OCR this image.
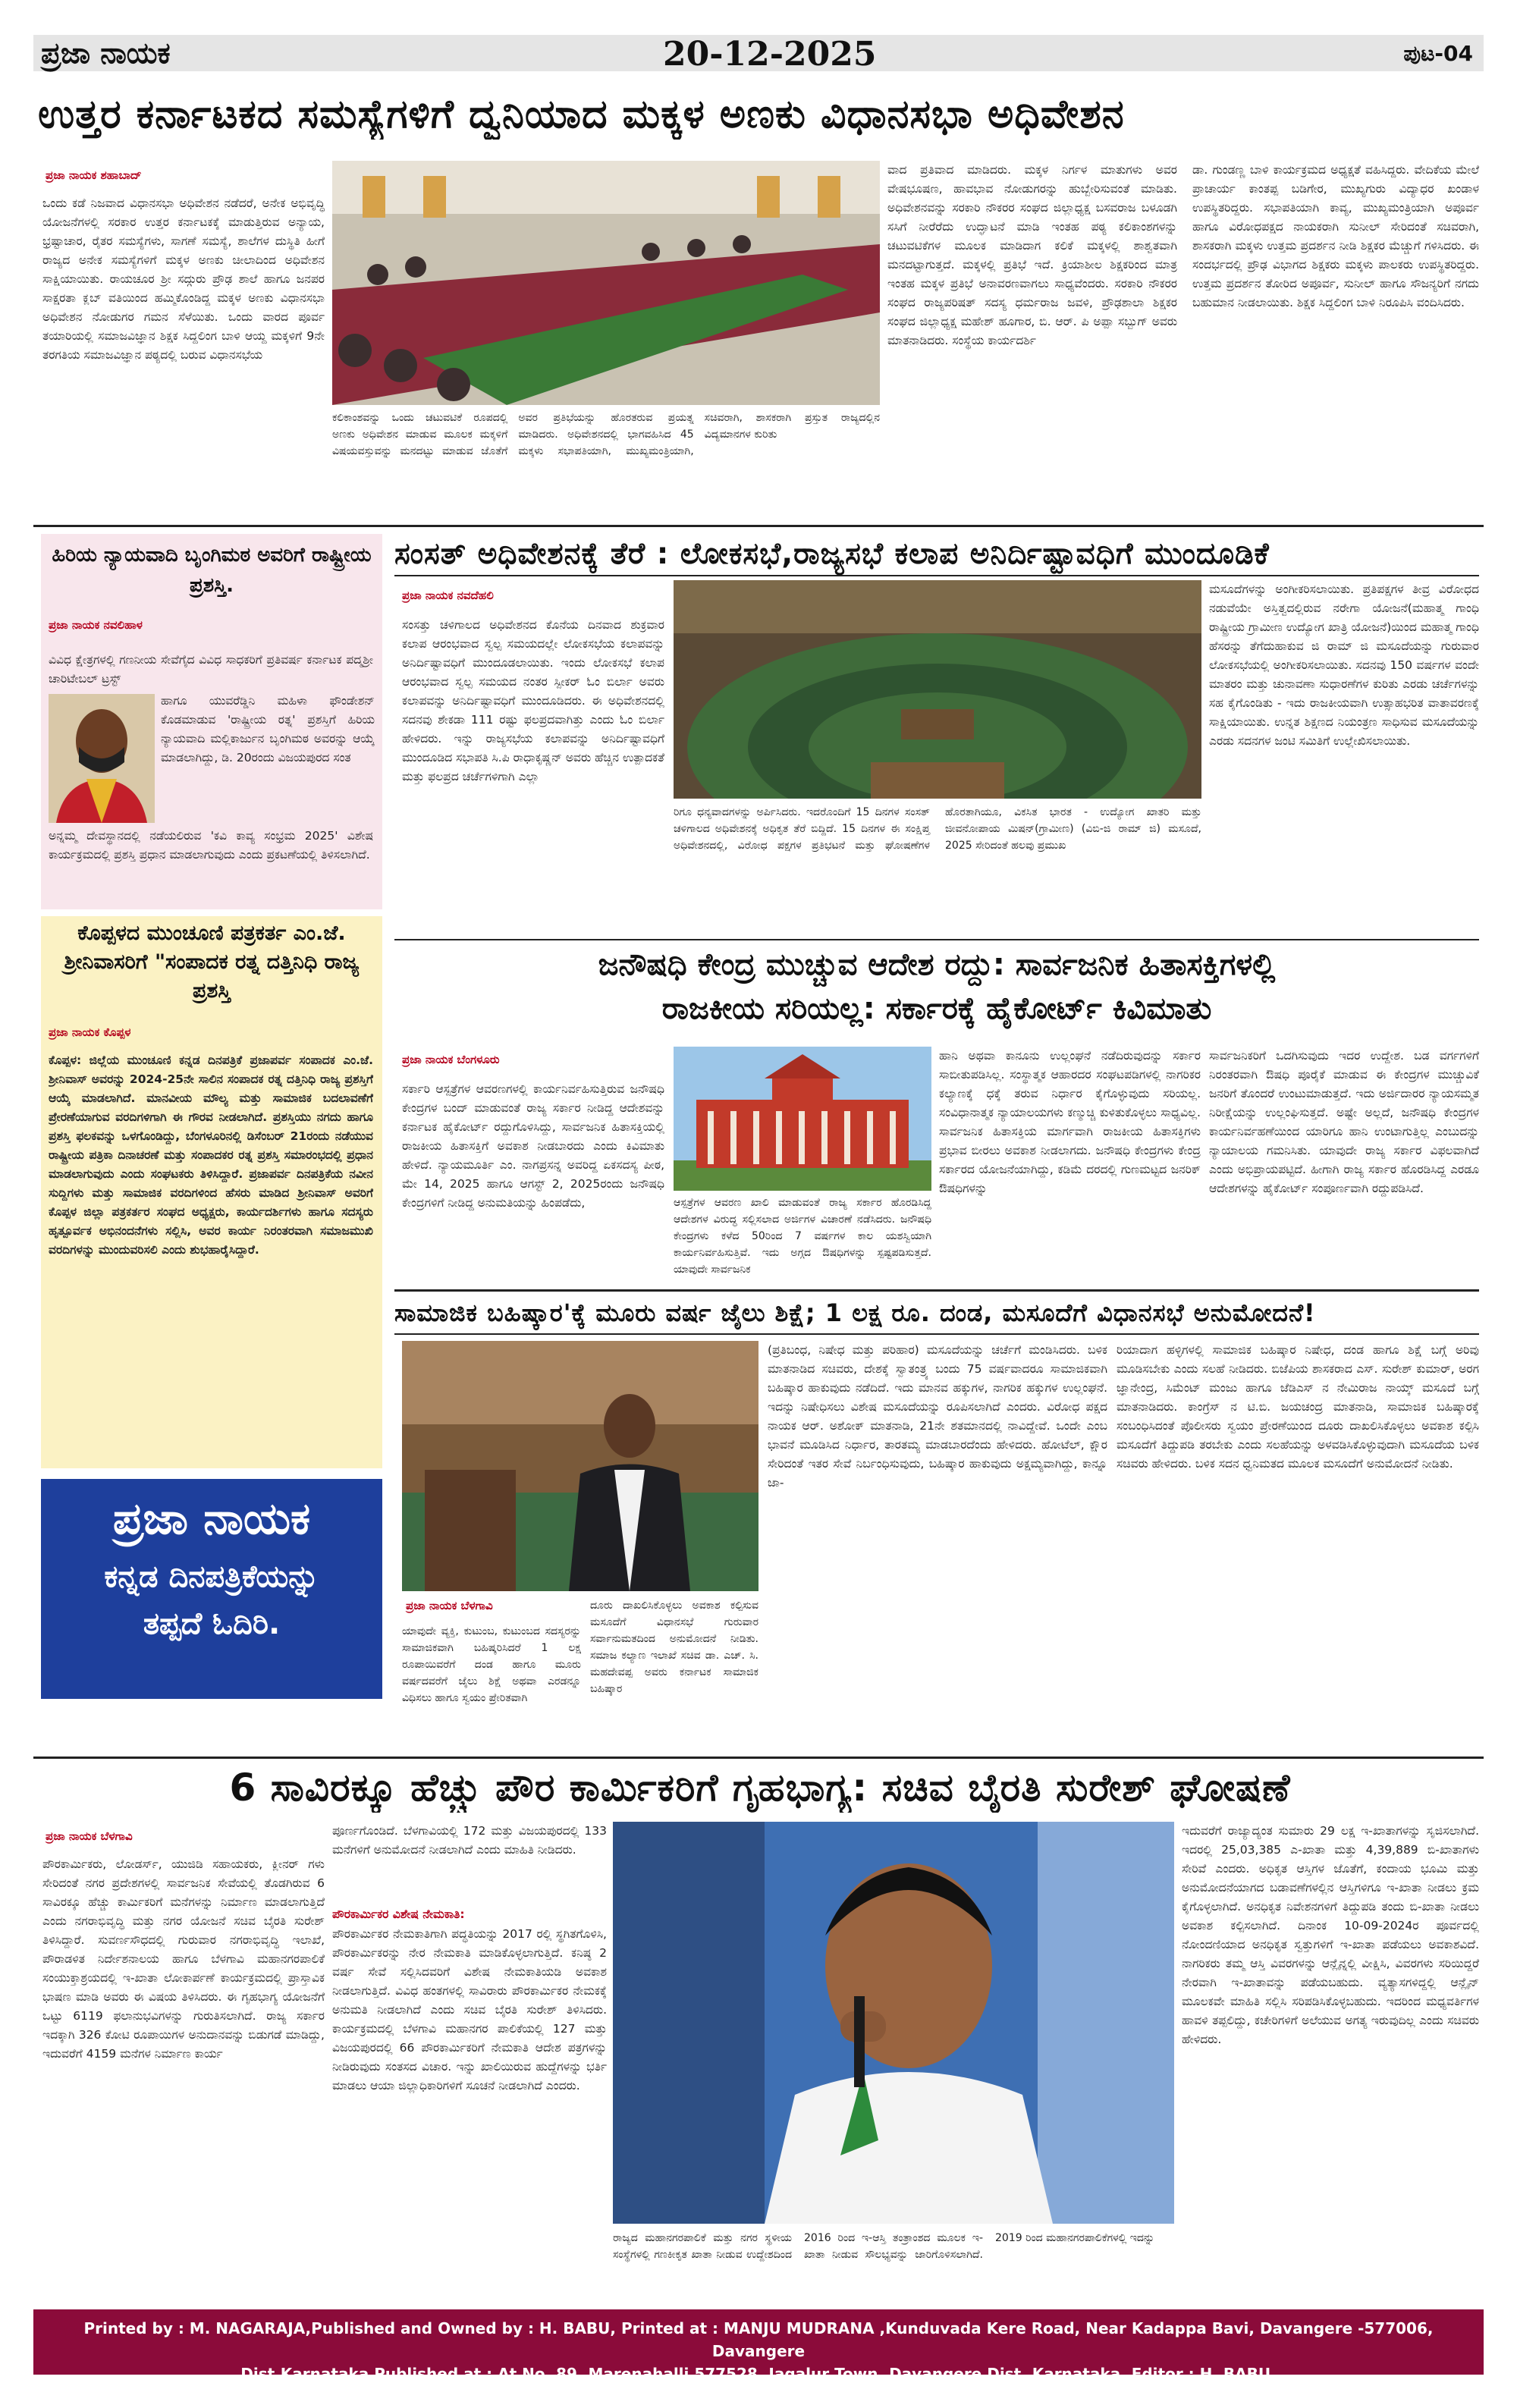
ಪ್ರಜಾ ನಾಯಕ	20-12-2025	ಪುಟ-04
ಉತ್ತರ ಕರ್ನಾಟಕದ ಸಮಸ್ಯೆಗಳಿಗೆ ದ್ವನಿಯಾದ ಮಕ್ಕಳ ಅಣಕು ವಿಧಾನಸಭಾ ಅಧಿವೇಶನ
ಪ್ರಜಾ ನಾಯಕ ಶಹಾಬಾದ್
ಒಂದು ಕಡೆ ನಿಜವಾದ ವಿಧಾನಸಭಾ ಅಧಿವೇಶನ ನಡೆದರೆ, ಅನೇಕ ಅಭಿವೃದ್ಧಿ ಯೋಜನೆಗಳಲ್ಲಿ ಸರಕಾರ ಉತ್ತರ ಕರ್ನಾಟಕಕ್ಕೆ ಮಾಡುತ್ತಿರುವ ಅನ್ಯಾಯ, ಭ್ರಷ್ಟಾಚಾರ, ರೈತರ ಸಮಸ್ಯೆಗಳು, ಸಾಗಣೆ ಸಮಸ್ಯೆ, ಶಾಲೆಗಳ ದುಸ್ಥಿತಿ ಹೀಗೆ ರಾಜ್ಯದ ಅನೇಕ ಸಮಸ್ಯೆಗಳಿಗೆ ಮಕ್ಕಳ ಅಣಕು ಚೀಲಾದಿಂದ ಅಧಿವೇಶನ ಸಾಕ್ಷಿಯಾಯಿತು. ರಾಯಚೂರ ಶ್ರೀ ಸದ್ಗುರು ಪ್ರೌಢ ಶಾಲೆ ಹಾಗೂ ಜನಪರ ಸಾಕ್ಷರತಾ ಕ್ಲಬ್ ವತಿಯಿಂದ ಹಮ್ಮಿಕೊಂಡಿದ್ದ ಮಕ್ಕಳ ಅಣಕು ವಿಧಾನಸಭಾ ಅಧಿವೇಶನ ನೋಡುಗರ ಗಮನ ಸೆಳೆಯಿತು. ಒಂದು ವಾರದ ಪೂರ್ವ ತಯಾರಿಯಲ್ಲಿ ಸಮಾಜವಿಜ್ಞಾನ ಶಿಕ್ಷಕ ಸಿದ್ದಲಿಂಗ ಬಾಳಿ ಆಯ್ದ ಮಕ್ಕಳಿಗೆ 9ನೇ ತರಗತಿಯ ಸಮಾಜವಿಜ್ಞಾನ ಪಠ್ಯದಲ್ಲಿ ಬರುವ ವಿಧಾನಸಭೆಯ
ಕಲಿಕಾಂಶವನ್ನು ಒಂದು ಚಟುವಟಿಕೆ ರೂಪದಲ್ಲಿ ಅಣಕು ಅಧಿವೇಶನ ಮಾಡುವ ಮೂಲಕ ಮಕ್ಕಳಿಗೆ ವಿಷಯವಸ್ತುವನ್ನು ಮನದಟ್ಟು ಮಾಡುವ ಜೊತೆಗೆ ಅವರ ಪ್ರತಿಭೆಯನ್ನು ಹೊರತರುವ ಪ್ರಯತ್ನ ಮಾಡಿದರು. ಅಧಿವೇಶನದಲ್ಲಿ ಭಾಗವಹಿಸಿದ 45 ಮಕ್ಕಳು ಸಭಾಪತಿಯಾಗಿ, ಮುಖ್ಯಮಂತ್ರಿಯಾಗಿ, ಸಚಿವರಾಗಿ, ಶಾಸಕರಾಗಿ ಪ್ರಸ್ತುತ ರಾಜ್ಯದಲ್ಲಿನ ವಿದ್ಯಮಾನಗಳ ಕುರಿತು
ವಾದ ಪ್ರತಿವಾದ ಮಾಡಿದರು. ಮಕ್ಕಳ ನಿರ್ಗಳ ಮಾತುಗಳು ಅವರ ವೇಷಭೂಷಣ, ಹಾವಭಾವ ನೋಡುಗರನ್ನು ಹುಬ್ಬೇರಿಸುವಂತೆ ಮಾಡಿತು. ಅಧಿವೇಶನವನ್ನು ಸರಕಾರಿ ನೌಕರರ ಸಂಘದ ಜಿಲ್ಲಾಧ್ಯಕ್ಷ ಬಸವರಾಜ ಬಳೂಡಗಿ ಸಸಿಗೆ ನೀರೆರೆದು ಉದ್ಘಾಟನೆ ಮಾಡಿ ಇಂತಹ ಪಠ್ಯ ಕಲಿಕಾಂಶಗಳನ್ನು ಚಟುವಟಿಕೆಗಳ ಮೂಲಕ ಮಾಡಿದಾಗ ಕಲಿಕೆ ಮಕ್ಕಳಲ್ಲಿ ಶಾಶ್ವತವಾಗಿ ಮನದಟ್ಟಾಗುತ್ತದೆ. ಮಕ್ಕಳಲ್ಲಿ ಪ್ರತಿಭೆ ಇದೆ. ಕ್ರಿಯಾಶೀಲ ಶಿಕ್ಷಕರಿಂದ ಮಾತ್ರ ಇಂತಹ ಮಕ್ಕಳ ಪ್ರತಿಭೆ ಅನಾವರಣವಾಗಲು ಸಾಧ್ಯವೆಂದರು. ಸರಕಾರಿ ನೌಕರರ ಸಂಘದ ರಾಜ್ಯಪರಿಷತ್ ಸದಸ್ಯ ಧರ್ಮರಾಜ ಜವಳಿ, ಪ್ರೌಢಶಾಲಾ ಶಿಕ್ಷಕರ ಸಂಘದ ಜಿಲ್ಲಾಧ್ಯಕ್ಷ ಮಹೇಶ್ ಹೂಗಾರ, ಬಿ. ಆರ್. ಪಿ ಅಪ್ಪಾ ಸಬ್ಬುಗ್ ಅವರು ಮಾತನಾಡಿದರು. ಸಂಸ್ಥೆಯ ಕಾರ್ಯದರ್ಶಿ
ಡಾ. ಗುಂಡಣ್ಣ ಬಾಳಿ ಕಾರ್ಯಕ್ರಮದ ಅಧ್ಯಕ್ಷತೆ ವಹಿಸಿದ್ದರು. ವೇದಿಕೆಯ ಮೇಲೆ ಪ್ರಾಚಾರ್ಯ ಕಾಂತಪ್ಪ ಬಡಿಗೇರ, ಮುಖ್ಯಗುರು ವಿದ್ಯಾಧರ ಖಂಡಾಳ ಉಪಸ್ಥಿತರಿದ್ದರು. ಸಭಾಪತಿಯಾಗಿ ಕಾವ್ಯ, ಮುಖ್ಯಮಂತ್ರಿಯಾಗಿ ಅಪೂರ್ವ ಹಾಗೂ ವಿರೋಧಪಕ್ಷದ ನಾಯಕರಾಗಿ ಸುನೀಲ್ ಸೇರಿದಂತೆ ಸಚಿವರಾಗಿ, ಶಾಸಕರಾಗಿ ಮಕ್ಕಳು ಉತ್ತಮ ಪ್ರದರ್ಶನ ನೀಡಿ ಶಿಕ್ಷಕರ ಮೆಚ್ಚುಗೆ ಗಳಿಸಿದರು. ಈ ಸಂದರ್ಭದಲ್ಲಿ ಪ್ರೌಢ ವಿಭಾಗದ ಶಿಕ್ಷಕರು ಮಕ್ಕಳು ಪಾಲಕರು ಉಪಸ್ಥಿತರಿದ್ದರು. ಉತ್ತಮ ಪ್ರದರ್ಶನ ತೋರಿದ ಅಪೂರ್ವ, ಸುನೀಲ್ ಹಾಗೂ ಸೌಜನ್ಯರಿಗೆ ನಗದು ಬಹುಮಾನ ನೀಡಲಾಯಿತು. ಶಿಕ್ಷಕ ಸಿದ್ದಲಿಂಗ ಬಾಳಿ ನಿರೂಪಿಸಿ ವಂದಿಸಿದರು.
ಹಿರಿಯ ನ್ಯಾಯವಾದಿ ಬೃಂಗಿಮಠ ಅವರಿಗೆ ರಾಷ್ಟ್ರೀಯ ಪ್ರಶಸ್ತಿ.
ಪ್ರಜಾ ನಾಯಕ ನವಲಿಹಾಳ
ವಿವಿಧ ಕ್ಷೇತ್ರಗಳಲ್ಲಿ ಗಣನೀಯ ಸೇವೆಗೈದ ವಿವಿಧ ಸಾಧಕರಿಗೆ ಪ್ರತಿವರ್ಷ ಕರ್ನಾಟಕ ಪದ್ಮಶ್ರೀ ಚಾರಿಟೇಬಲ್ ಟ್ರಸ್ಟ್
ಹಾಗೂ ಯುವರೆಡ್ಡಿನಿ ಮಹಿಳಾ ಫೌಂಡೇಶನ್ ಕೊಡಮಾಡುವ 'ರಾಷ್ಟ್ರೀಯ ರತ್ನ' ಪ್ರಶಸ್ತಿಗೆ ಹಿರಿಯ ನ್ಯಾಯವಾದಿ ಮಲ್ಲಿಕಾರ್ಜುನ ಬೃಂಗಿಮಠ ಅವರನ್ನು ಆಯ್ಕೆ ಮಾಡಲಾಗಿದ್ದು, ಡಿ. 20ರಂದು ವಿಜಯಪುರದ ಸಂತ
ಅನ್ನಮ್ಮ ದೇವಸ್ಥಾನದಲ್ಲಿ ನಡೆಯಲಿರುವ 'ಕವಿ ಕಾವ್ಯ ಸಂಭ್ರಮ 2025' ವಿಶೇಷ ಕಾರ್ಯಕ್ರಮದಲ್ಲಿ ಪ್ರಶಸ್ತಿ ಪ್ರಧಾನ ಮಾಡಲಾಗುವುದು ಎಂದು ಪ್ರಕಟಣೆಯಲ್ಲಿ ತಿಳಿಸಲಾಗಿದೆ.
ಸಂಸತ್ ಅಧಿವೇಶನಕ್ಕೆ ತೆರೆ : ಲೋಕಸಭೆ,ರಾಜ್ಯಸಭೆ ಕಲಾಪ ಅನಿರ್ದಿಷ್ಟಾವಧಿಗೆ ಮುಂದೂಡಿಕೆ
ಪ್ರಜಾ ನಾಯಕ ನವದೆಹಲಿ
ಸಂಸತ್ತು ಚಳಿಗಾಲದ ಅಧಿವೇಶನದ ಕೊನೆಯ ದಿನವಾದ ಶುಕ್ರವಾರ ಕಲಾಪ ಆರಂಭವಾದ ಸ್ವಲ್ಪ ಸಮಯದಲ್ಲೇ ಲೋಕಸಭೆಯ ಕಲಾಪವನ್ನು ಅನಿರ್ದಿಷ್ಟಾವಧಿಗೆ ಮುಂದೂಡಲಾಯಿತು. ಇಂದು ಲೋಕಸಭೆ ಕಲಾಪ ಆರಂಭವಾದ ಸ್ವಲ್ಪ ಸಮಯದ ನಂತರ ಸ್ಪೀಕರ್ ಓಂ ಬಿರ್ಲಾ ಅವರು ಕಲಾಪವನ್ನು ಅನಿರ್ದಿಷ್ಟಾವಧಿಗೆ ಮುಂದೂಡಿದರು. ಈ ಅಧಿವೇಶನದಲ್ಲಿ ಸದನವು ಶೇಕಡಾ 111 ರಷ್ಟು ಫಲಪ್ರದವಾಗಿತ್ತು ಎಂದು ಓಂ ಬಿರ್ಲಾ ಹೇಳಿದರು. ಇನ್ನು ರಾಜ್ಯಸಭೆಯ ಕಲಾಪವನ್ನು ಅನಿರ್ದಿಷ್ಟಾವಧಿಗೆ ಮುಂದೂಡಿದ ಸಭಾಪತಿ ಸಿ.ಪಿ ರಾಧಾಕೃಷ್ಣನ್ ಅವರು ಹೆಚ್ಚಿನ ಉತ್ಪಾದಕತೆ ಮತ್ತು ಫಲಪ್ರದ ಚರ್ಚೆಗಳಿಗಾಗಿ ಎಲ್ಲಾ
ರಿಗೂ ಧನ್ಯವಾದಗಳನ್ನು ಅರ್ಪಿಸಿದರು. ಇದರೊಂದಿಗೆ 15 ದಿನಗಳ ಸಂಸತ್ ಚಳಿಗಾಲದ ಅಧಿವೇಶನಕ್ಕೆ ಅಧಿಕೃತ ತೆರೆ ಬಿದ್ದಿದೆ. 15 ದಿನಗಳ ಈ ಸಂಕ್ಷಿಪ್ತ ಅಧಿವೇಶನದಲ್ಲಿ, ವಿರೋಧ ಪಕ್ಷಗಳ ಪ್ರತಿಭಟನೆ ಮತ್ತು ಘೋಷಣೆಗಳ ಹೊರತಾಗಿಯೂ, ವಿಕಸಿತ ಭಾರತ - ಉದ್ಯೋಗ ಖಾತರಿ ಮತ್ತು ಜೀವನೋಪಾಯ ಮಿಷನ್(ಗ್ರಾಮೀಣ) (ವಿಬಿ-ಜಿ ರಾಮ್ ಜಿ) ಮಸೂದೆ, 2025 ಸೇರಿದಂತೆ ಹಲವು ಪ್ರಮುಖ
ಮಸೂದೆಗಳನ್ನು ಅಂಗೀಕರಿಸಲಾಯಿತು. ಪ್ರತಿಪಕ್ಷಗಳ ತೀವ್ರ ವಿರೋಧದ ನಡುವೆಯೇ ಅಸ್ತಿತ್ವದಲ್ಲಿರುವ ನರೇಗಾ ಯೋಜನೆ(ಮಹಾತ್ಮ ಗಾಂಧಿ ರಾಷ್ಟ್ರೀಯ ಗ್ರಾಮೀಣ ಉದ್ಯೋಗ ಖಾತ್ರಿ ಯೋಜನೆ)ಯಿಂದ ಮಹಾತ್ಮ ಗಾಂಧಿ ಹೆಸರನ್ನು ತೆಗೆದುಹಾಕುವ ಜಿ ರಾಮ್ ಜಿ ಮಸೂದೆಯನ್ನು ಗುರುವಾರ ಲೋಕಸಭೆಯಲ್ಲಿ ಅಂಗೀಕರಿಸಲಾಯಿತು. ಸದನವು 150 ವರ್ಷಗಳ ವಂದೇ ಮಾತರಂ ಮತ್ತು ಚುನಾವಣಾ ಸುಧಾರಣೆಗಳ ಕುರಿತು ಎರಡು ಚರ್ಚೆಗಳನ್ನು ಸಹ ಕೈಗೊಂಡಿತು - ಇದು ರಾಜಕೀಯವಾಗಿ ಉತ್ಸಾಹಭರಿತ ವಾತಾವರಣಕ್ಕೆ ಸಾಕ್ಷಿಯಾಯಿತು. ಉನ್ನತ ಶಿಕ್ಷಣದ ನಿಯಂತ್ರಣ ಸಾಧಿಸುವ ಮಸೂದೆಯನ್ನು ಎರಡು ಸದನಗಳ ಜಂಟಿ ಸಮಿತಿಗೆ ಉಲ್ಲೇಖಿಸಲಾಯಿತು.
ಕೊಪ್ಪಳದ ಮುಂಚೂಣಿ ಪತ್ರಕರ್ತ ಎಂ.ಜೆ. ಶ್ರೀನಿವಾಸರಿಗೆ "ಸಂಪಾದಕ ರತ್ನ ದತ್ತಿನಿಧಿ ರಾಜ್ಯ ಪ್ರಶಸ್ತಿ
ಪ್ರಜಾ ನಾಯಕ ಕೊಪ್ಪಳ
ಕೊಪ್ಪಳ: ಜಿಲ್ಲೆಯ ಮುಂಚೂಣಿ ಕನ್ನಡ ದಿನಪತ್ರಿಕೆ ಪ್ರಜಾಪರ್ವ ಸಂಪಾದಕ ಎಂ.ಜೆ. ಶ್ರೀನಿವಾಸ್ ಅವರನ್ನು 2024-25ನೇ ಸಾಲಿನ ಸಂಪಾದಕ ರತ್ನ ದತ್ತಿನಿಧಿ ರಾಜ್ಯ ಪ್ರಶಸ್ತಿಗೆ ಆಯ್ಕೆ ಮಾಡಲಾಗಿದೆ. ಮಾನವೀಯ ಮೌಲ್ಯ ಮತ್ತು ಸಾಮಾಜಿಕ ಬದಲಾವಣೆಗೆ ಪ್ರೇರಣೆಯಾಗುವ ವರದಿಗಳಿಗಾಗಿ ಈ ಗೌರವ ನೀಡಲಾಗಿದೆ. ಪ್ರಶಸ್ತಿಯು ನಗದು ಹಾಗೂ ಪ್ರಶಸ್ತಿ ಫಲಕವನ್ನು ಒಳಗೊಂಡಿದ್ದು, ಬೆಂಗಳೂರಿನಲ್ಲಿ ಡಿಸೆಂಬರ್ 21ರಂದು ನಡೆಯುವ ರಾಷ್ಟ್ರೀಯ ಪತ್ರಿಕಾ ದಿನಾಚರಣೆ ಮತ್ತು ಸಂಪಾದಕರ ರತ್ನ ಪ್ರಶಸ್ತಿ ಸಮಾರಂಭದಲ್ಲಿ ಪ್ರಧಾನ ಮಾಡಲಾಗುವುದು ಎಂದು ಸಂಘಟಕರು ತಿಳಿಸಿದ್ದಾರೆ. ಪ್ರಜಾಪರ್ವ ದಿನಪತ್ರಿಕೆಯ ನವೀನ ಸುದ್ದಿಗಳು ಮತ್ತು ಸಾಮಾಜಿಕ ವರದಿಗಳಿಂದ ಹೆಸರು ಮಾಡಿದ ಶ್ರೀನಿವಾಸ್ ಅವರಿಗೆ ಕೊಪ್ಪಳ ಜಿಲ್ಲಾ ಪತ್ರಕರ್ತರ ಸಂಘದ ಅಧ್ಯಕ್ಷರು, ಕಾರ್ಯದರ್ಶಿಗಳು ಹಾಗೂ ಸದಸ್ಯರು ಹೃತ್ಪೂರ್ವಕ ಅಭಿನಂದನೆಗಳು ಸಲ್ಲಿಸಿ, ಅವರ ಕಾರ್ಯ ನಿರಂತರವಾಗಿ ಸಮಾಜಮುಖಿ ವರದಿಗಳನ್ನು ಮುಂದುವರಿಸಲಿ ಎಂದು ಶುಭಹಾರೈಸಿದ್ದಾರೆ.
ಪ್ರಜಾ ನಾಯಕ
ಕನ್ನಡ ದಿನಪತ್ರಿಕೆಯನ್ನು
ತಪ್ಪದೆ ಓದಿರಿ.
ಜನೌಷಧಿ ಕೇಂದ್ರ ಮುಚ್ಚುವ ಆದೇಶ ರದ್ದು: ಸಾರ್ವಜನಿಕ ಹಿತಾಸಕ್ತಿಗಳಲ್ಲಿ
ರಾಜಕೀಯ ಸರಿಯಲ್ಲ: ಸರ್ಕಾರಕ್ಕೆ ಹೈಕೋರ್ಟ್ ಕಿವಿಮಾತು
ಪ್ರಜಾ ನಾಯಕ ಬೆಂಗಳೂರು
ಸರ್ಕಾರಿ ಆಸ್ಪತ್ರೆಗಳ ಆವರಣಗಳಲ್ಲಿ ಕಾರ್ಯನಿರ್ವಹಿಸುತ್ತಿರುವ ಜನೌಷಧಿ ಕೇಂದ್ರಗಳ ಬಂದ್ ಮಾಡುವಂತೆ ರಾಜ್ಯ ಸರ್ಕಾರ ನೀಡಿದ್ದ ಆದೇಶವನ್ನು ಕರ್ನಾಟಕ ಹೈಕೋರ್ಟ್ ರದ್ದುಗೊಳಿಸಿದ್ದು, ಸಾರ್ವಜನಿಕ ಹಿತಾಸಕ್ತಿಯಲ್ಲಿ ರಾಜಕೀಯ ಹಿತಾಸಕ್ತಿಗೆ ಅವಕಾಶ ನೀಡಬಾರದು ಎಂದು ಕಿವಿಮಾತು ಹೇಳಿದೆ. ನ್ಯಾಯಮೂರ್ತಿ ಎಂ. ನಾಗಪ್ರಸನ್ನ ಅವರಿದ್ದ ಏಕಸದಸ್ಯ ಪೀಠ, ಮೇ 14, 2025 ಹಾಗೂ ಆಗಸ್ಟ್ 2, 2025ರಂದು ಜನೌಷಧಿ ಕೇಂದ್ರಗಳಿಗೆ ನೀಡಿದ್ದ ಅನುಮತಿಯನ್ನು ಹಿಂಪಡೆದು,	ಆಸ್ಪತ್ರೆಗಳ ಆವರಣ ಖಾಲಿ ಮಾಡುವಂತೆ ರಾಜ್ಯ ಸರ್ಕಾರ ಹೊರಡಿಸಿದ್ದ ಆದೇಶಗಳ ವಿರುದ್ಧ ಸಲ್ಲಿಸಲಾದ ಅರ್ಜಿಗಳ ವಿಚಾರಣೆ ನಡೆಸಿದರು. ಜನೌಷಧಿ ಕೇಂದ್ರಗಳು ಕಳೆದ 50ರಿಂದ 7 ವರ್ಷಗಳ ಕಾಲ ಯಶಸ್ವಿಯಾಗಿ ಕಾರ್ಯನಿರ್ವಹಿಸುತ್ತಿವೆ. ಇದು ಅಗ್ಗದ ಔಷಧಿಗಳನ್ನು ಸ್ಪಷ್ಟಪಡಿಸುತ್ತದೆ. ಯಾವುದೇ ಸಾರ್ವಜನಿಕ
ಹಾನಿ ಅಥವಾ ಕಾನೂನು ಉಲ್ಲಂಘನೆ ನಡೆದಿರುವುದನ್ನು ಸರ್ಕಾರ ಸಾಬೀತುಪಡಿಸಿಲ್ಲ. ಸಂಸ್ಥಾತ್ಮಕ ಆಹಾರದರ ಸಂಘಟಪಡಿಗಳಲ್ಲಿ ನಾಗರಿಕರ ಕಲ್ಯಾಣಕ್ಕೆ ಧಕ್ಕೆ ತರುವ ನಿರ್ಧಾರ ಕೈಗೊಳ್ಳುವುದು ಸರಿಯಲ್ಲ. ಸಂವಿಧಾನಾತ್ಮಕ ನ್ಯಾಯಾಲಯಗಳು ಕಣ್ಮುಚ್ಚಿ ಕುಳಿತುಕೊಳ್ಳಲು ಸಾಧ್ಯವಿಲ್ಲ. ಸಾರ್ವಜನಿಕ ಹಿತಾಸಕ್ತಿಯ ಮಾರ್ಗವಾಗಿ ರಾಜಕೀಯ ಹಿತಾಸಕ್ತಿಗಳು ಪ್ರಭಾವ ಬೀರಲು ಅವಕಾಶ ನೀಡಲಾಗದು. ಜನೌಷಧಿ ಕೇಂದ್ರಗಳು ಕೇಂದ್ರ ಸರ್ಕಾರದ ಯೋಜನೆಯಾಗಿದ್ದು, ಕಡಿಮೆ ದರದಲ್ಲಿ ಗುಣಮಟ್ಟದ ಜನರಿಕ್ ಔಷಧಿಗಳನ್ನು
ಸಾರ್ವಜನಿಕರಿಗೆ ಒದಗಿಸುವುದು ಇದರ ಉದ್ದೇಶ. ಬಡ ವರ್ಗಗಳಿಗೆ ನಿರಂತರವಾಗಿ ಔಷಧಿ ಪೂರೈಕೆ ಮಾಡುವ ಈ ಕೇಂದ್ರಗಳ ಮುಚ್ಚುವಿಕೆ ಜನರಿಗೆ ತೊಂದರೆ ಉಂಟುಮಾಡುತ್ತದೆ. ಇದು ಅರ್ಜಿದಾರರ ನ್ಯಾಯಸಮ್ಮತ ನಿರೀಕ್ಷೆಯನ್ನು ಉಲ್ಲಂಘಿಸುತ್ತದೆ. ಅಷ್ಟೇ ಅಲ್ಲದೆ, ಜನೌಷಧಿ ಕೇಂದ್ರಗಳ ಕಾರ್ಯನಿರ್ವಹಣೆಯಿಂದ ಯಾರಿಗೂ ಹಾನಿ ಉಂಟಾಗುತ್ತಿಲ್ಲ ಎಂಬುದನ್ನು ನ್ಯಾಯಾಲಯ ಗಮನಿಸಿತು. ಯಾವುದೇ ರಾಜ್ಯ ಸರ್ಕಾರ ವಿಫಲವಾಗಿದೆ ಎಂದು ಅಭಿಪ್ರಾಯಪಟ್ಟಿದೆ. ಹೀಗಾಗಿ ರಾಜ್ಯ ಸರ್ಕಾರ ಹೊರಡಿಸಿದ್ದ ಎರಡೂ ಆದೇಶಗಳನ್ನು ಹೈಕೋರ್ಟ್ ಸಂಪೂರ್ಣವಾಗಿ ರದ್ದುಪಡಿಸಿದೆ.
ಸಾಮಾಜಿಕ ಬಹಿಷ್ಕಾರ'ಕ್ಕೆ ಮೂರು ವರ್ಷ ಜೈಲು ಶಿಕ್ಷೆ; 1 ಲಕ್ಷ ರೂ. ದಂಡ, ಮಸೂದೆಗೆ ವಿಧಾನಸಭೆ ಅನುಮೋದನೆ!
ಪ್ರಜಾ ನಾಯಕ ಬೆಳಗಾವಿ
ಯಾವುದೇ ವ್ಯಕ್ತಿ, ಕುಟುಂಬ, ಕುಟುಂಬದ ಸದಸ್ಯರನ್ನು ಸಾಮಾಜಿಕವಾಗಿ ಬಹಿಷ್ಕರಿಸಿದರೆ 1 ಲಕ್ಷ ರೂಪಾಯಿವರೆಗೆ ದಂಡ ಹಾಗೂ ಮೂರು ವರ್ಷದವರೆಗೆ ಜೈಲು ಶಿಕ್ಷೆ ಅಥವಾ ಎರಡನ್ನೂ ವಿಧಿಸಲು ಹಾಗೂ ಸ್ವಯಂ ಪ್ರೇರಿತವಾಗಿ
ದೂರು ದಾಖಲಿಸಿಕೊಳ್ಳಲು ಅವಕಾಶ ಕಲ್ಪಿಸುವ ಮಸೂದೆಗೆ ವಿಧಾನಸಭೆ ಗುರುವಾರ ಸರ್ವಾನುಮತದಿಂದ ಅನುಮೋದನೆ ನೀಡಿತು. ಸಮಾಜ ಕಲ್ಯಾಣ ಇಲಾಖೆ ಸಚಿವ ಡಾ. ಎಚ್. ಸಿ. ಮಹದೇವಪ್ಪ ಅವರು ಕರ್ನಾಟಕ ಸಾಮಾಜಿಕ ಬಹಿಷ್ಕಾರ
(ಪ್ರತಿಬಂಧ, ನಿಷೇಧ ಮತ್ತು ಪರಿಹಾರ) ಮಸೂದೆಯನ್ನು ಚರ್ಚೆಗೆ ಮಂಡಿಸಿದರು. ಬಳಿಕ ಮಾತನಾಡಿದ ಸಚಿವರು, ದೇಶಕ್ಕೆ ಸ್ವಾತಂತ್ರ್ಯ ಬಂದು 75 ವರ್ಷವಾದರೂ ಸಾಮಾಜಿಕವಾಗಿ ಬಹಿಷ್ಕಾರ ಹಾಕುವುದು ನಡೆದಿದೆ. ಇದು ಮಾನವ ಹಕ್ಕುಗಳ, ನಾಗರಿಕ ಹಕ್ಕುಗಳ ಉಲ್ಲಂಘನೆ. ಇದನ್ನು ನಿಷೇಧಿಸಲು ವಿಶೇಷ ಮಸೂದೆಯನ್ನು ರೂಪಿಸಲಾಗಿದೆ ಎಂದರು. ವಿರೋಧ ಪಕ್ಷದ ನಾಯಕ ಆರ್. ಅಶೋಕ್ ಮಾತನಾಡಿ, 21ನೇ ಶತಮಾನದಲ್ಲಿ ನಾವಿದ್ದೇವೆ. ಒಂದೇ ಎಂಬ ಭಾವನೆ ಮೂಡಿಸಿದ ನಿರ್ಧಾರ, ತಾರತಮ್ಯ ಮಾಡಬಾರದೆಂದು ಹೇಳಿದರು. ಹೋಟೆಲ್, ಕ್ಷೌರ ಸೇರಿದಂತೆ ಇತರ ಸೇವೆ ನಿರ್ಬಂಧಿಸುವುದು, ಬಹಿಷ್ಕಾರ ಹಾಕುವುದು ಅಕ್ಷಮ್ಯವಾಗಿದ್ದು, ಕಾನ್ನೂ ಜಾ-
ರಿಯಾದಾಗ ಹಳ್ಳಿಗಳಲ್ಲಿ ಸಾಮಾಜಿಕ ಬಹಿಷ್ಕಾರ ನಿಷೇಧ, ದಂಡ ಹಾಗೂ ಶಿಕ್ಷೆ ಬಗ್ಗೆ ಅರಿವು ಮೂಡಿಸಬೇಕು ಎಂದು ಸಲಹೆ ನೀಡಿದರು. ಬಿಜೆಪಿಯ ಶಾಸಕರಾದ ಎಸ್. ಸುರೇಶ್ ಕುಮಾರ್, ಅರಗ ಜ್ಞಾನೇಂದ್ರ, ಸಿಮೆಂಟ್ ಮಂಜು ಹಾಗೂ ಜೆಡಿಎಸ್ ನ ನೇಮಿರಾಜ ನಾಯ್ಕ್ ಮಸೂದೆ ಬಗ್ಗೆ ಮಾತನಾಡಿದರು. ಕಾಂಗ್ರೆಸ್ ನ ಟಿ.ಬಿ. ಜಯಚಂದ್ರ ಮಾತನಾಡಿ, ಸಾಮಾಜಿಕ ಬಹಿಷ್ಕಾರಕ್ಕೆ ಸಂಬಂಧಿಸಿದಂತೆ ಪೊಲೀಸರು ಸ್ವಯಂ ಪ್ರೇರಣೆಯಿಂದ ದೂರು ದಾಖಲಿಸಿಕೊಳ್ಳಲು ಅವಕಾಶ ಕಲ್ಪಿಸಿ ಮಸೂದೆಗೆ ತಿದ್ದುಪಡಿ ತರಬೇಕು ಎಂದು ಸಲಹೆಯನ್ನು ಅಳವಡಿಸಿಕೊಳ್ಳುವುದಾಗಿ ಮಸೂದೆಯ ಬಳಿಕ ಸಚಿವರು ಹೇಳಿದರು. ಬಳಿಕ ಸದನ ಧ್ವನಿಮತದ ಮೂಲಕ ಮಸೂದೆಗೆ ಅನುಮೋದನೆ ನೀಡಿತು.
6 ಸಾವಿರಕ್ಕೂ ಹೆಚ್ಚು ಪೌರ ಕಾರ್ಮಿಕರಿಗೆ ಗೃಹಭಾಗ್ಯ: ಸಚಿವ ಬೈರತಿ ಸುರೇಶ್ ಘೋಷಣೆ
ಪ್ರಜಾ ನಾಯಕ ಬೆಳಗಾವಿ
ಪೌರಕಾರ್ಮಿಕರು, ಲೋಡರ್ಸ್, ಯುಜಿಡಿ ಸಹಾಯಕರು, ಕ್ಲೀನರ್ ಗಳು ಸೇರಿದಂತೆ ನಗರ ಪ್ರದೇಶಗಳಲ್ಲಿ ಸಾರ್ವಜನಿಕ ಸೇವೆಯಲ್ಲಿ ತೊಡಗಿರುವ 6 ಸಾವಿರಕ್ಕೂ ಹೆಚ್ಚು ಕಾರ್ಮಿಕರಿಗೆ ಮನೆಗಳನ್ನು ನಿರ್ಮಾಣ ಮಾಡಲಾಗುತ್ತಿದೆ ಎಂದು ನಗರಾಭಿವೃದ್ಧಿ ಮತ್ತು ನಗರ ಯೋಜನೆ ಸಚಿವ ಬೈರತಿ ಸುರೇಶ್ ತಿಳಿಸಿದ್ದಾರೆ. ಸುವರ್ಣಸೌಧದಲ್ಲಿ ಗುರುವಾರ ನಗರಾಭಿವೃದ್ಧಿ ಇಲಾಖೆ, ಪೌರಾಡಳಿತ ನಿರ್ದೇಶನಾಲಯ ಹಾಗೂ ಬೆಳಗಾವಿ ಮಹಾನಗರಪಾಲಿಕೆ ಸಂಯುಕ್ತಾಶ್ರಯದಲ್ಲಿ ಇ-ಖಾತಾ ಲೋಕಾರ್ಪಣೆ ಕಾರ್ಯಕ್ರಮದಲ್ಲಿ ಪ್ರಾಸ್ತಾವಿಕ ಭಾಷಣ ಮಾಡಿ ಅವರು ಈ ವಿಷಯ ತಿಳಿಸಿದರು. ಈ ಗೃಹಭಾಗ್ಯ ಯೋಜನೆಗೆ ಒಟ್ಟು 6119 ಫಲಾನುಭವಿಗಳನ್ನು ಗುರುತಿಸಲಾಗಿದೆ. ರಾಜ್ಯ ಸರ್ಕಾರ ಇದಕ್ಕಾಗಿ 326 ಕೋಟಿ ರೂಪಾಯಿಗಳ ಅನುದಾನವನ್ನು ಬಿಡುಗಡೆ ಮಾಡಿದ್ದು, ಇದುವರೆಗೆ 4159 ಮನೆಗಳ ನಿರ್ಮಾಣ ಕಾರ್ಯ
ಪೂರ್ಣಗೊಂಡಿದೆ. ಬೆಳಗಾವಿಯಲ್ಲಿ 172 ಮತ್ತು ವಿಜಯಪುರದಲ್ಲಿ 133 ಮನೆಗಳಿಗೆ ಅನುಮೋದನೆ ನೀಡಲಾಗಿದೆ ಎಂದು ಮಾಹಿತಿ ನೀಡಿದರು.
ಪೌರಕಾರ್ಮಿಕರ ವಿಶೇಷ ನೇಮಕಾತಿ:
ಪೌರಕಾರ್ಮಿಕರ ನೇಮಕಾತಿಗಾಗಿ ಪದ್ಧತಿಯನ್ನು 2017 ರಲ್ಲಿ ಸ್ಥಗಿತಗೊಳಿಸಿ, ಪೌರಕಾರ್ಮಿಕರನ್ನು ನೇರ ನೇಮಕಾತಿ ಮಾಡಿಕೊಳ್ಳಲಾಗುತ್ತಿದೆ. ಕನಿಷ್ಠ 2 ವರ್ಷ ಸೇವೆ ಸಲ್ಲಿಸಿದವರಿಗೆ ವಿಶೇಷ ನೇಮಕಾತಿಯಡಿ ಅವಕಾಶ ನೀಡಲಾಗುತ್ತಿದೆ. ವಿವಿಧ ಹಂತಗಳಲ್ಲಿ ಸಾವಿರಾರು ಪೌರಕಾರ್ಮಿಕರ ನೇಮಕಕ್ಕೆ ಅನುಮತಿ ನೀಡಲಾಗಿದೆ ಎಂದು ಸಚಿವ ಬೈರತಿ ಸುರೇಶ್ ತಿಳಿಸಿದರು. ಕಾರ್ಯಕ್ರಮದಲ್ಲಿ ಬೆಳಗಾವಿ ಮಹಾನಗರ ಪಾಲಿಕೆಯಲ್ಲಿ 127 ಮತ್ತು ವಿಜಯಪುರದಲ್ಲಿ 66 ಪೌರಕಾರ್ಮಿಕರಿಗೆ ನೇಮಕಾತಿ ಆದೇಶ ಪತ್ರಗಳನ್ನು ನೀಡಿರುವುದು ಸಂತಸದ ವಿಚಾರ. ಇನ್ನು ಖಾಲಿಯಿರುವ ಹುದ್ದೆಗಳನ್ನು ಭರ್ತಿ ಮಾಡಲು ಆಯಾ ಜಿಲ್ಲಾಧಿಕಾರಿಗಳಿಗೆ ಸೂಚನೆ ನೀಡಲಾಗಿದೆ ಎಂದರು.
ರಾಜ್ಯದ ಮಹಾನಗರಪಾಲಿಕೆ ಮತ್ತು ನಗರ ಸ್ಥಳೀಯ ಸಂಸ್ಥೆಗಳಲ್ಲಿ ಗಣಕೀಕೃತ ಖಾತಾ ನೀಡುವ ಉದ್ದೇಶದಿಂದ 2016 ರಿಂದ ಇ-ಆಸ್ತಿ ತಂತ್ರಾಂಶದ ಮೂಲಕ ಇ-ಖಾತಾ ನೀಡುವ ಸೌಲಭ್ಯವನ್ನು ಜಾರಿಗೊಳಿಸಲಾಗಿದೆ. 2019 ರಿಂದ ಮಹಾನಗರಪಾಲಿಕೆಗಳಲ್ಲಿ ಇದನ್ನು
ಇದುವರೆಗೆ ರಾಜ್ಯಾದ್ಯಂತ ಸುಮಾರು 29 ಲಕ್ಷ ಇ-ಖಾತಾಗಳನ್ನು ಸೃಜಿಸಲಾಗಿದೆ. ಇದರಲ್ಲಿ 25,03,385 ಎ-ಖಾತಾ ಮತ್ತು 4,39,889 ಬಿ-ಖಾತಾಗಳು ಸೇರಿವೆ ಎಂದರು. ಅಧಿಕೃತ ಆಸ್ತಿಗಳ ಜೊತೆಗೆ, ಕಂದಾಯ ಭೂಮಿ ಮತ್ತು ಅನುಮೋದನೆಯಾಗದ ಬಡಾವಣೆಗಳಲ್ಲಿನ ಆಸ್ತಿಗಳಿಗೂ ಇ-ಖಾತಾ ನೀಡಲು ಕ್ರಮ ಕೈಗೊಳ್ಳಲಾಗಿದೆ. ಅನಧಿಕೃತ ನಿವೇಶನಗಳಿಗೆ ತಿದ್ದುಪಡಿ ತಂದು ಬಿ-ಖಾತಾ ನೀಡಲು ಅವಕಾಶ ಕಲ್ಪಿಸಲಾಗಿದೆ. ದಿನಾಂಕ 10-09-2024ರ ಪೂರ್ವದಲ್ಲಿ ನೋಂದಣಿಯಾದ ಅನಧಿಕೃತ ಸ್ವತ್ತುಗಳಿಗೆ ಇ-ಖಾತಾ ಪಡೆಯಲು ಅವಕಾಶವಿದೆ. ನಾಗರಿಕರು ತಮ್ಮ ಆಸ್ತಿ ವಿವರಗಳನ್ನು ಆನ್ಲೈನ್ನಲ್ಲಿ ವೀಕ್ಷಿಸಿ, ವಿವರಗಳು ಸರಿಯಿದ್ದರೆ ನೇರವಾಗಿ ಇ-ಖಾತಾವನ್ನು ಪಡೆಯಬಹುದು. ವ್ಯತ್ಯಾಸಗಳಿದ್ದಲ್ಲಿ ಆನ್ಲೈನ್ ಮೂಲಕವೇ ಮಾಹಿತಿ ಸಲ್ಲಿಸಿ ಸರಿಪಡಿಸಿಕೊಳ್ಳಬಹುದು. ಇದರಿಂದ ಮಧ್ಯವರ್ತಿಗಳ ಹಾವಳಿ ತಪ್ಪಲಿದ್ದು, ಕಚೇರಿಗಳಿಗೆ ಅಲೆಯುವ ಅಗತ್ಯ ಇರುವುದಿಲ್ಲ ಎಂದು ಸಚಿವರು ಹೇಳಿದರು.
Printed by : M. NAGARAJA,Published and Owned by : H. BABU, Printed at : MANJU MUDRANA ,Kunduvada Kere Road, Near Kadappa Bavi, Davangere -577006, Davangere
Dist,Karnataka Published at : At No .89, Marenahalli 577528, Jagalur Town, Davangere Dist, Karnataka. Editor : H. BABU.
